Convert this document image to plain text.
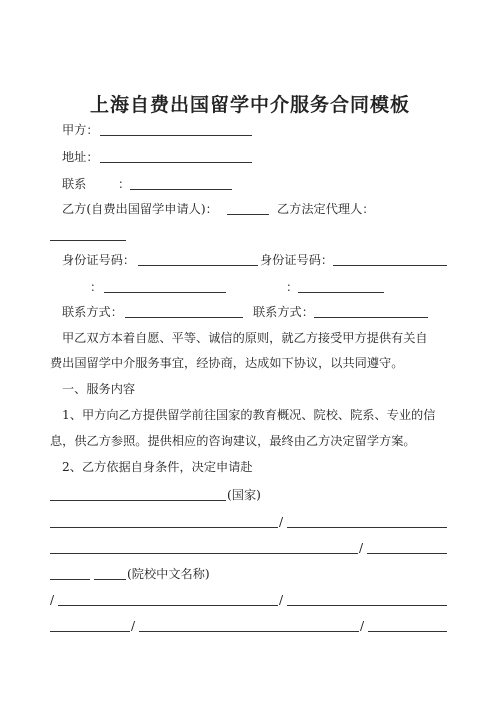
上海自费出国留学中介服务合同模板
甲方：
地址：
联系	：
乙方(自费出国留学申请人)：	乙方法定代理人：
身份证号码：	身份证号码：
：	：
联系方式：	联系方式：
甲乙双方本着自愿、平等、诚信的原则，就乙方接受甲方提供有关自
费出国留学中介服务事宜，经协商，达成如下协议，以共同遵守。
一、服务内容
1、甲方向乙方提供留学前往国家的教育概况、院校、院系、专业的信
息，供乙方参照。提供相应的咨询建议，最终由乙方决定留学方案。
2、乙方依据自身条件，决定申请赴
(国家)
/
/
(院校中文名称)
/	/
/	/
